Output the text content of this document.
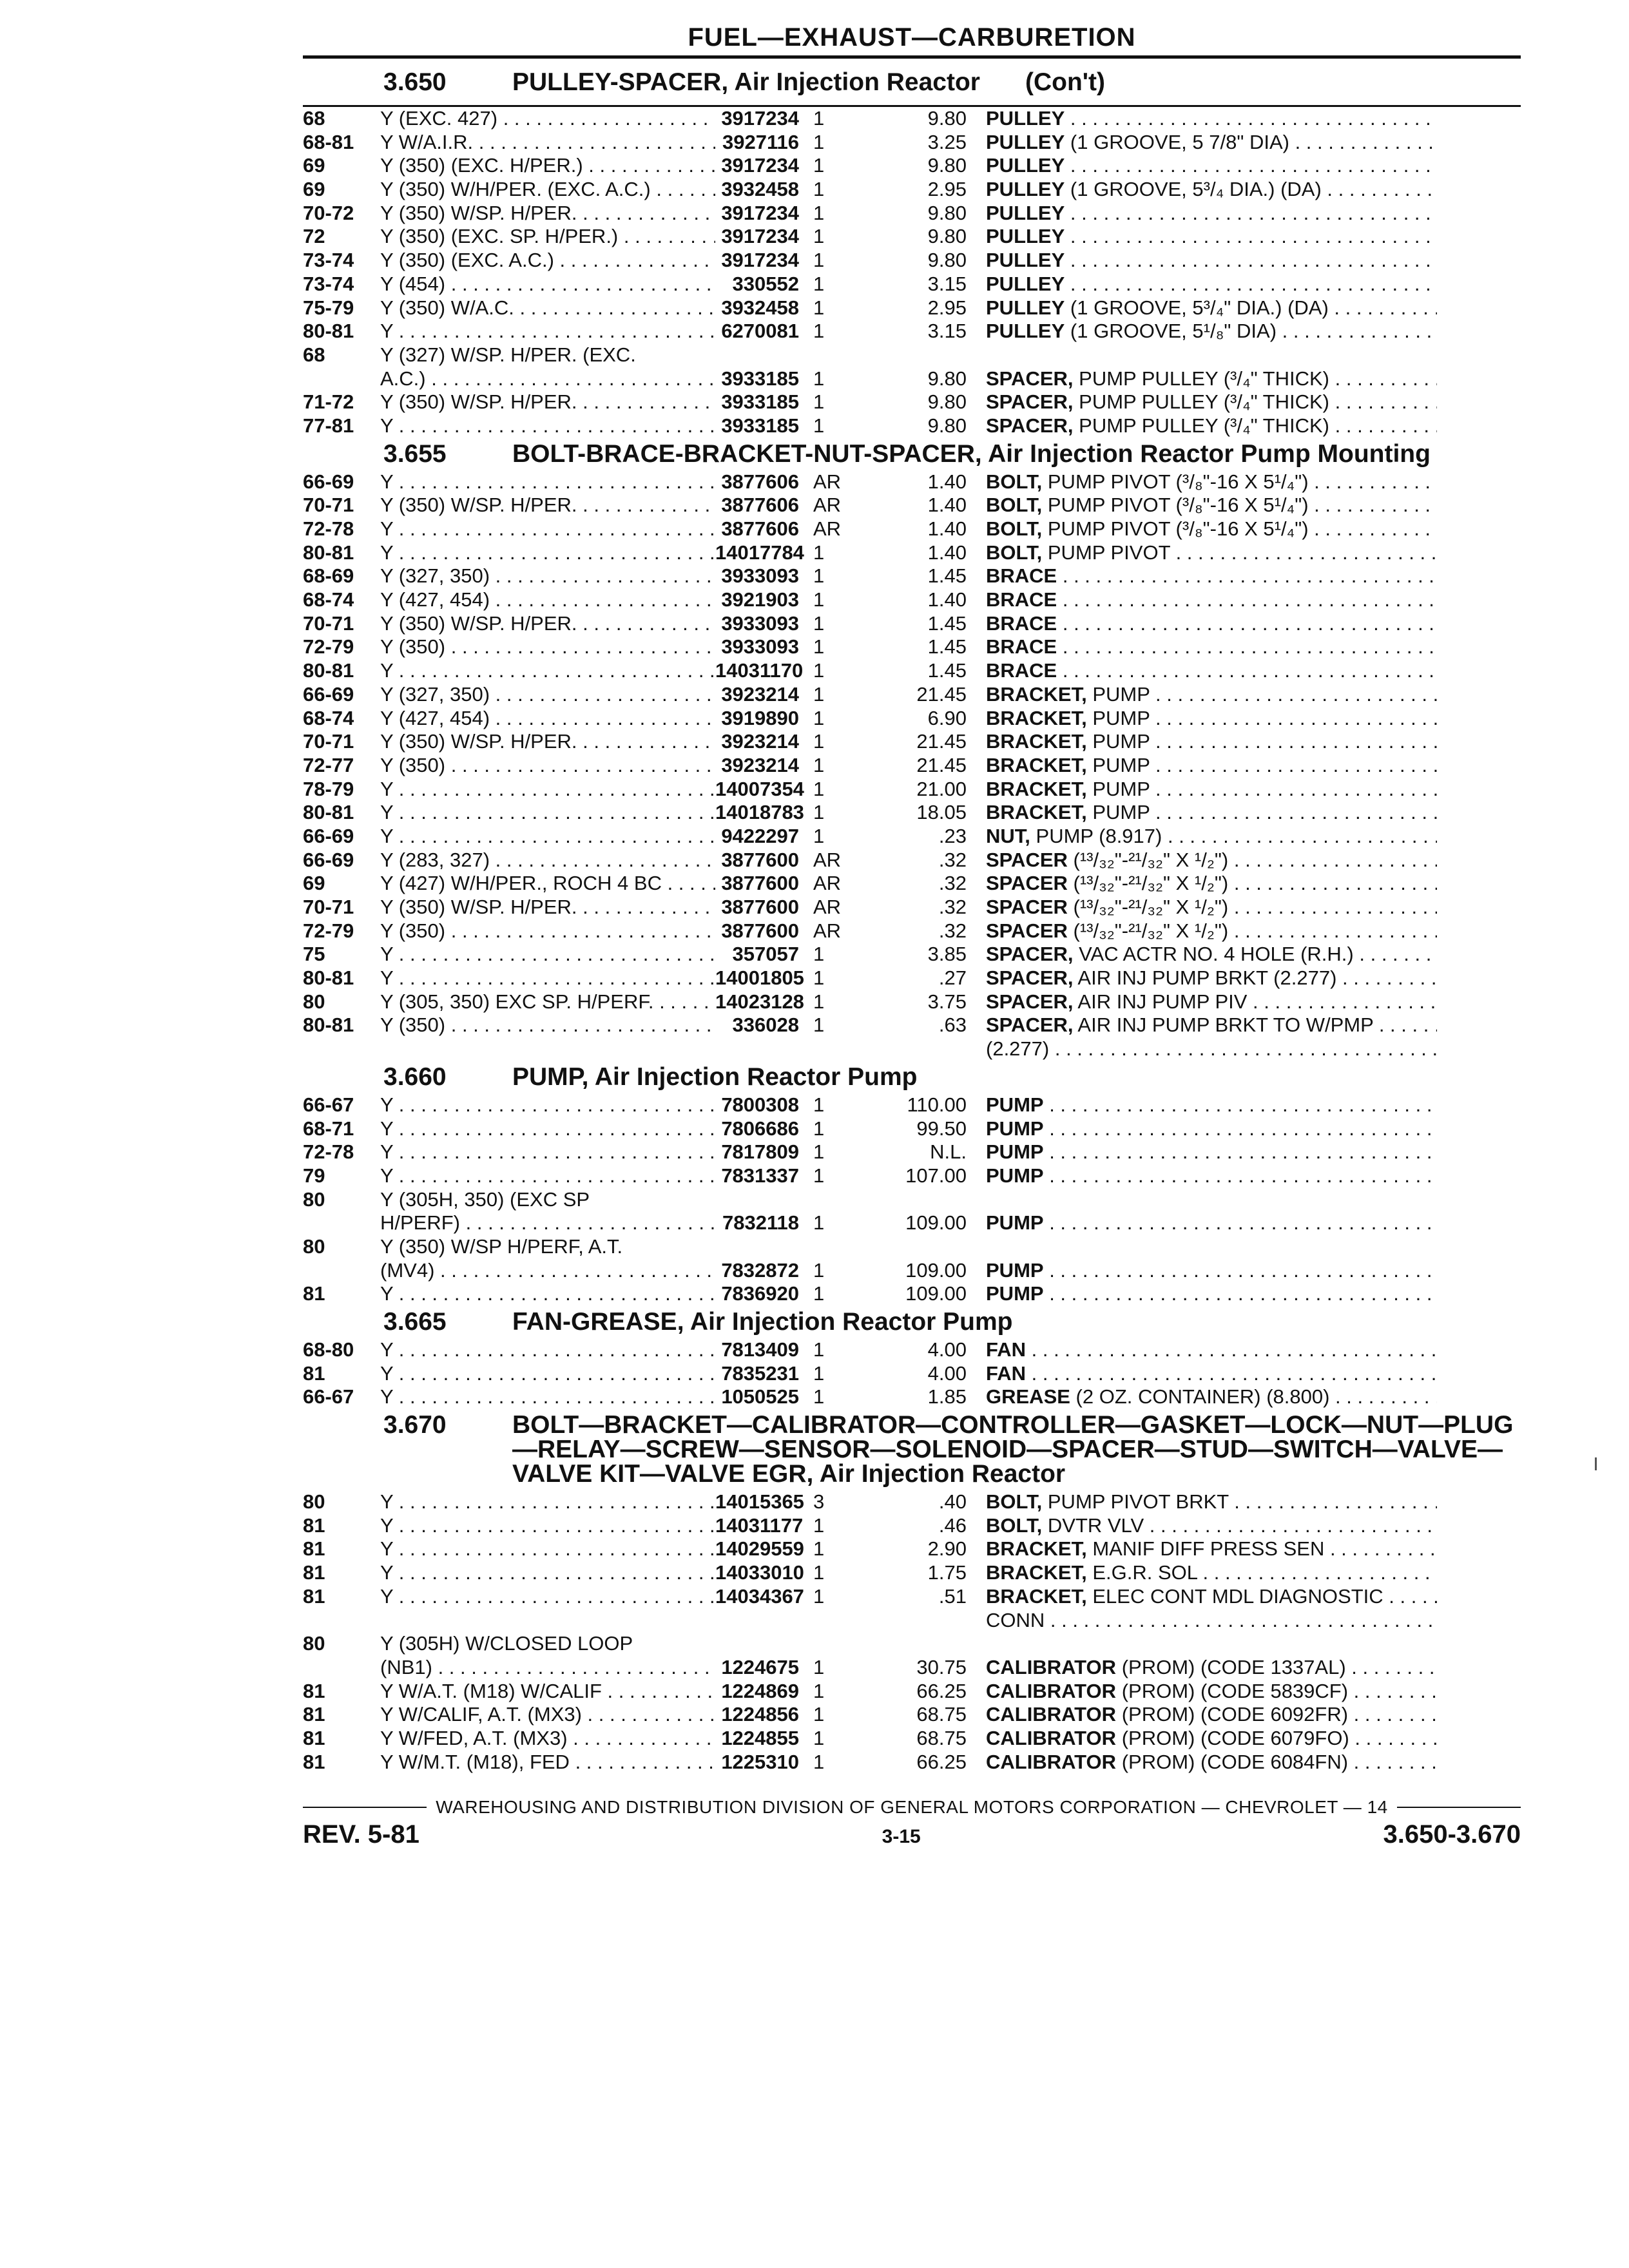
FUEL—EXHAUST—CARBURETION
3.650	PULLEY-SPACER, Air Injection Reactor (Con't)
68	Y (EXC. 427) . . .	3917234 1	9.80 PULLEY . . .
68-81	Y W/A.I.R. . . .	3927116 1	3.25 PULLEY (1 GROOVE, 5 7/8" DIA) . . .
69	Y (350) (EXC. H/PER.) . . .	3917234 1	9.80 PULLEY . . .
69	Y (350) W/H/PER. (EXC. A.C.) . . .	3932458 1	2.95 PULLEY (1 GROOVE, 5³/₄ DIA.) (DA) . . .
70-72	Y (350) W/SP. H/PER. . . .	3917234 1	9.80 PULLEY . . .
72	Y (350) (EXC. SP. H/PER.) . . .	3917234 1	9.80 PULLEY . . .
73-74	Y (350) (EXC. A.C.) . . .	3917234 1	9.80 PULLEY . . .
73-74	Y (454) . . .	330552 1	3.15 PULLEY . . .
75-79	Y (350) W/A.C. . . .	3932458 1	2.95 PULLEY (1 GROOVE, 5³/₄" DIA.) (DA) . . .
80-81	Y . . .	6270081 1	3.15 PULLEY (1 GROOVE, 5¹/₈" DIA) . . .
68	Y (327) W/SP. H/PER. (EXC.
A.C.) . . .	3933185 1	9.80 SPACER, PUMP PULLEY (³/₄" THICK) . . .
71-72	Y (350) W/SP. H/PER. . . .	3933185 1	9.80 SPACER, PUMP PULLEY (³/₄" THICK) . . .
77-81	Y . . .	3933185 1	9.80 SPACER, PUMP PULLEY (³/₄" THICK) . . .
3.655	BOLT-BRACE-BRACKET-NUT-SPACER, Air Injection Reactor Pump Mounting
66-69	Y . . .	3877606 AR	1.40 BOLT, PUMP PIVOT (³/₈"-16 X 5¹/₄") . . .
70-71	Y (350) W/SP. H/PER. . . .	3877606 AR	1.40 BOLT, PUMP PIVOT (³/₈"-16 X 5¹/₄") . . .
72-78	Y . . .	3877606 AR	1.40 BOLT, PUMP PIVOT (³/₈"-16 X 5¹/₄") . . .
80-81	Y . . .	14017784 1	1.40 BOLT, PUMP PIVOT . . .
68-69	Y (327, 350) . . .	3933093 1	1.45 BRACE . . .
68-74	Y (427, 454) . . .	3921903 1	1.40 BRACE . . .
70-71	Y (350) W/SP. H/PER. . . .	3933093 1	1.45 BRACE . . .
72-79	Y (350) . . .	3933093 1	1.45 BRACE . . .
80-81	Y . . .	14031170 1	1.45 BRACE . . .
66-69	Y (327, 350) . . .	3923214 1	21.45 BRACKET, PUMP . . .
68-74	Y (427, 454) . . .	3919890 1	6.90 BRACKET, PUMP . . .
70-71	Y (350) W/SP. H/PER. . . .	3923214 1	21.45 BRACKET, PUMP . . .
72-77	Y (350) . . .	3923214 1	21.45 BRACKET, PUMP . . .
78-79	Y . . .	14007354 1	21.00 BRACKET, PUMP . . .
80-81	Y . . .	14018783 1	18.05 BRACKET, PUMP . . .
66-69	Y . . .	9422297 1	.23 NUT, PUMP (8.917) . . .
66-69	Y (283, 327) . . .	3877600 AR	.32 SPACER (¹³/₃₂"-²¹/₃₂" X ¹/₂") . . .
69	Y (427) W/H/PER., ROCH 4 BC . . .	3877600 AR	.32 SPACER (¹³/₃₂"-²¹/₃₂" X ¹/₂") . . .
70-71	Y (350) W/SP. H/PER. . . .	3877600 AR	.32 SPACER (¹³/₃₂"-²¹/₃₂" X ¹/₂") . . .
72-79	Y (350) . . .	3877600 AR	.32 SPACER (¹³/₃₂"-²¹/₃₂" X ¹/₂") . . .
75	Y . . .	357057 1	3.85 SPACER, VAC ACTR NO. 4 HOLE (R.H.) . . .
80-81	Y . . .	14001805 1	.27 SPACER, AIR INJ PUMP BRKT (2.277) . . .
80	Y (305, 350) EXC SP. H/PERF. . . .	14023128 1	3.75 SPACER, AIR INJ PUMP PIV . . .
80-81	Y (350) . . .	336028 1	.63 SPACER, AIR INJ PUMP BRKT TO W/PMP . . .
(2.277) . . .
3.660	PUMP, Air Injection Reactor Pump
66-67	Y . . .	7800308 1	110.00 PUMP . . .
68-71	Y . . .	7806686 1	99.50 PUMP . . .
72-78	Y . . .	7817809 1	N.L. PUMP . . .
79	Y . . .	7831337 1	107.00 PUMP . . .
80	Y (305H, 350) (EXC SP
H/PERF) . . .	7832118 1	109.00 PUMP . . .
80	Y (350) W/SP H/PERF, A.T.
(MV4) . . .	7832872 1	109.00 PUMP . . .
81	Y . . .	7836920 1	109.00 PUMP . . .
3.665	FAN-GREASE, Air Injection Reactor Pump
68-80	Y . . .	7813409 1	4.00 FAN . . .
81	Y . . .	7835231 1	4.00 FAN . . .
66-67	Y . . .	1050525 1	1.85 GREASE (2 OZ. CONTAINER) (8.800) . . .
3.670	BOLT—BRACKET—CALIBRATOR—CONTROLLER—GASKET—LOCK—NUT—PLUG—RELAY—SCREW—SENSOR—SOLENOID—SPACER—STUD—SWITCH—VALVE—VALVE KIT—VALVE EGR, Air Injection Reactor
80	Y . . .	14015365 3	.40 BOLT, PUMP PIVOT BRKT . . .
81	Y . . .	14031177 1	.46 BOLT, DVTR VLV . . .
81	Y . . .	14029559 1	2.90 BRACKET, MANIF DIFF PRESS SEN . . .
81	Y . . .	14033010 1	1.75 BRACKET, E.G.R. SOL . . .
81	Y . . .	14034367 1	.51 BRACKET, ELEC CONT MDL DIAGNOSTIC . . .
CONN . . .
80	Y (305H) W/CLOSED LOOP
(NB1) . . .	1224675 1	30.75 CALIBRATOR (PROM) (CODE 1337AL) . . .
81	Y W/A.T. (M18) W/CALIF . . .	1224869 1	66.25 CALIBRATOR (PROM) (CODE 5839CF) . . .
81	Y W/CALIF, A.T. (MX3) . . .	1224856 1	68.75 CALIBRATOR (PROM) (CODE 6092FR) . . .
81	Y W/FED, A.T. (MX3) . . .	1224855 1	68.75 CALIBRATOR (PROM) (CODE 6079FO) . . .
81	Y W/M.T. (M18), FED . . .	1225310 1	66.25 CALIBRATOR (PROM) (CODE 6084FN) . . .
WAREHOUSING AND DISTRIBUTION DIVISION OF GENERAL MOTORS CORPORATION — CHEVROLET — 14
REV. 5-81	3-15	3.650-3.670
